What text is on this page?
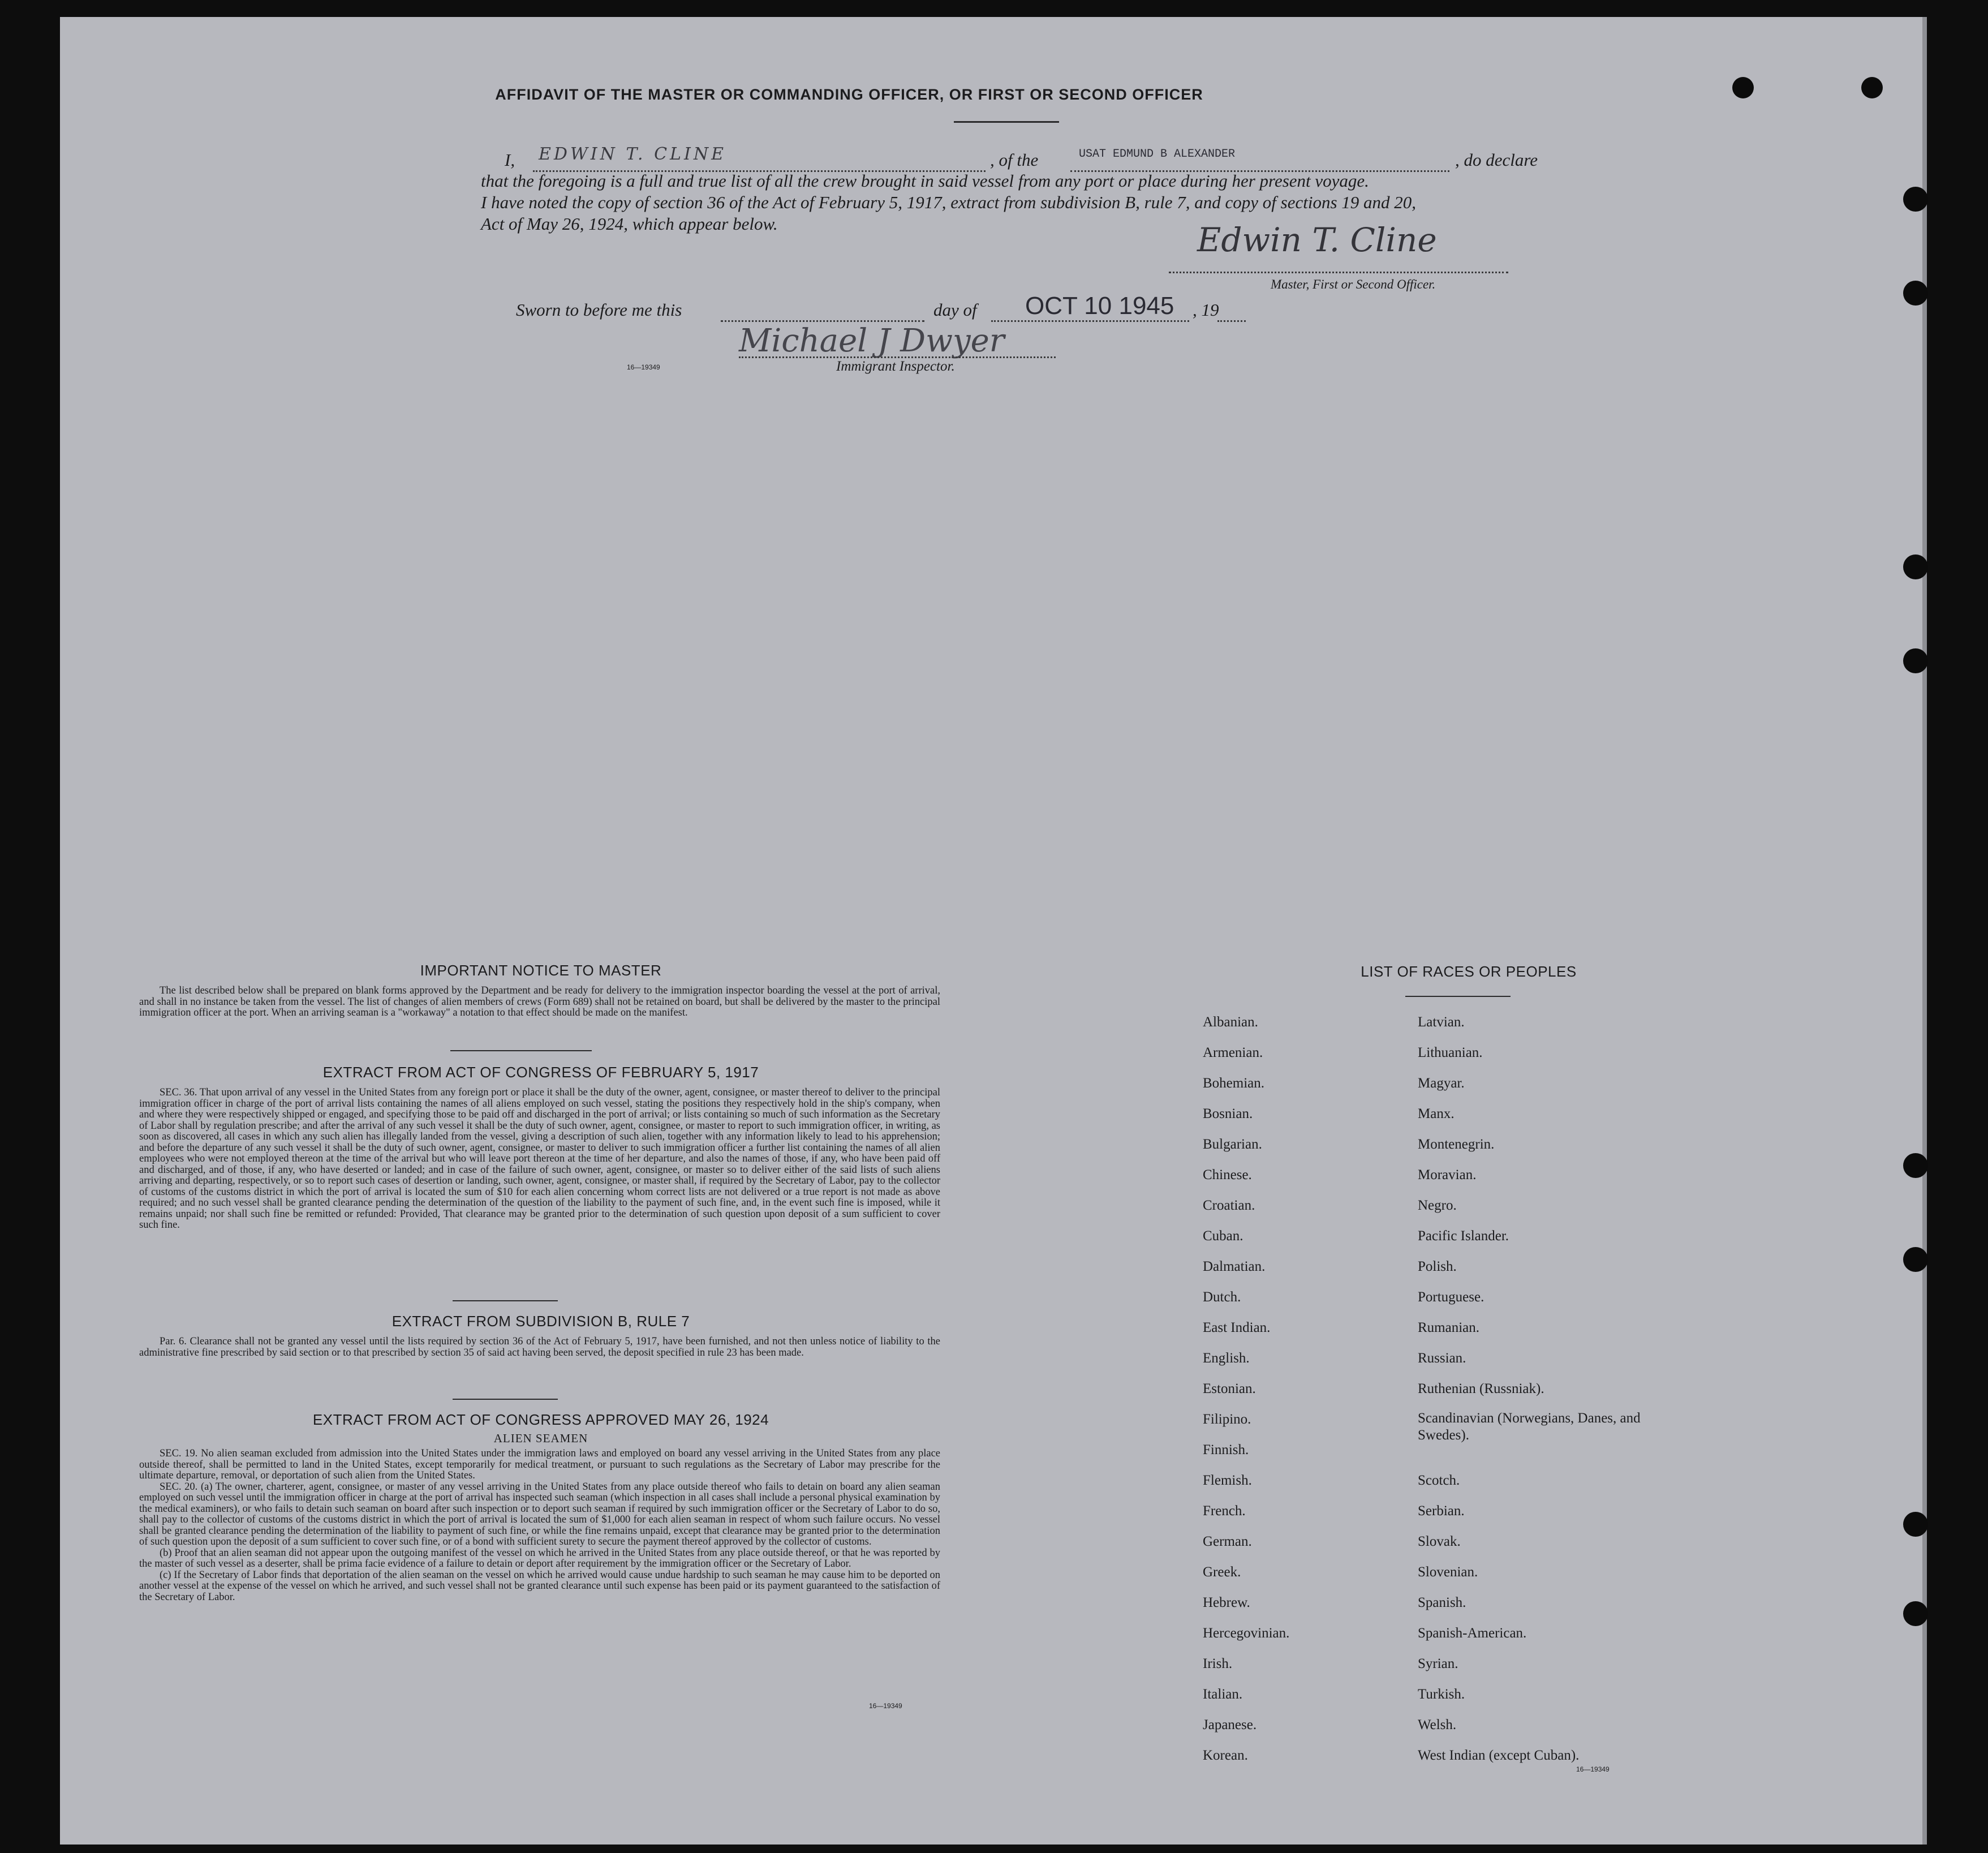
AFFIDAVIT OF THE MASTER OR COMMANDING OFFICER, OR FIRST OR SECOND OFFICER
I, EDWIN T. CLINE	, of the	USAT EDMUND B ALEXANDER	, do declare
that the foregoing is a full and true list of all the crew brought in said vessel from any port or place during her present voyage.
I have noted the copy of section 36 of the Act of February 5, 1917, extract from subdivision B, rule 7, and copy of sections 19 and 20,
Act of May 26, 1924, which appear below.	Edwin T. Cline
Master, First or Second Officer.
Sworn to before me this	day of OCT 10 1945 , 19
Michael J Dwyer
16—19349	Immigrant Inspector.
IMPORTANT NOTICE TO MASTER

The list described below shall be prepared on blank forms approved by the Department and be ready for delivery to the immigration inspector boarding the vessel at the port of arrival, and shall in no instance be taken from the vessel. The list of changes of alien members of crews (Form 689) shall not be retained on board, but shall be delivered by the master to the principal immigration officer at the port. When an arriving seaman is a "workaway" a notation to that effect should be made on the manifest.

EXTRACT FROM ACT OF CONGRESS OF FEBRUARY 5, 1917

SEC. 36. That upon arrival of any vessel in the United States from any foreign port or place it shall be the duty of the owner, agent, consignee, or master thereof to deliver to the principal immigration officer in charge of the port of arrival lists containing the names of all aliens employed on such vessel, stating the positions they respectively hold in the ship's company, when and where they were respectively shipped or engaged, and specifying those to be paid off and discharged in the port of arrival; or lists containing so much of such information as the Secretary of Labor shall by regulation prescribe; and after the arrival of any such vessel it shall be the duty of such owner, agent, consignee, or master to report to such immigration officer, in writing, as soon as discovered, all cases in which any such alien has illegally landed from the vessel, giving a description of such alien, together with any information likely to lead to his apprehension; and before the departure of any such vessel it shall be the duty of such owner, agent, consignee, or master to deliver to such immigration officer a further list containing the names of all alien employees who were not employed thereon at the time of the arrival but who will leave port thereon at the time of her departure, and also the names of those, if any, who have been paid off and discharged, and of those, if any, who have deserted or landed; and in case of the failure of such owner, agent, consignee, or master so to deliver either of the said lists of such aliens arriving and departing, respectively, or so to report such cases of desertion or landing, such owner, agent, consignee, or master shall, if required by the Secretary of Labor, pay to the collector of customs of the customs district in which the port of arrival is located the sum of $10 for each alien concerning whom correct lists are not delivered or a true report is not made as above required; and no such vessel shall be granted clearance pending the determination of the question of the liability to the payment of such fine, and, in the event such fine is imposed, while it remains unpaid; nor shall such fine be remitted or refunded: Provided, That clearance may be granted prior to the determination of such question upon deposit of a sum sufficient to cover such fine.

EXTRACT FROM SUBDIVISION B, RULE 7

Par. 6. Clearance shall not be granted any vessel until the lists required by section 36 of the Act of February 5, 1917, have been furnished, and not then unless notice of liability to the administrative fine prescribed by said section or to that prescribed by section 35 of said act having been served, the deposit specified in rule 23 has been made.

EXTRACT FROM ACT OF CONGRESS APPROVED MAY 26, 1924
ALIEN SEAMEN

SEC. 19. No alien seaman excluded from admission into the United States under the immigration laws and employed on board any vessel arriving in the United States from any place outside thereof, shall be permitted to land in the United States, except temporarily for medical treatment, or pursuant to such regulations as the Secretary of Labor may prescribe for the ultimate departure, removal, or deportation of such alien from the United States.

SEC. 20. (a) The owner, charterer, agent, consignee, or master of any vessel arriving in the United States from any place outside thereof who fails to detain on board any alien seaman employed on such vessel until the immigration officer in charge at the port of arrival has inspected such seaman (which inspection in all cases shall include a personal physical examination by the medical examiners), or who fails to detain such seaman on board after such inspection or to deport such seaman if required by such immigration officer or the Secretary of Labor to do so, shall pay to the collector of customs of the customs district in which the port of arrival is located the sum of $1,000 for each alien seaman in respect of whom such failure occurs. No vessel shall be granted clearance pending the determination of the liability to payment of such fine, or while the fine remains unpaid, except that clearance may be granted prior to the determination of such question upon the deposit of a sum sufficient to cover such fine, or of a bond with sufficient surety to secure the payment thereof approved by the collector of customs.

(b) Proof that an alien seaman did not appear upon the outgoing manifest of the vessel on which he arrived in the United States from any place outside thereof, or that he was reported by the master of such vessel as a deserter, shall be prima facie evidence of a failure to detain or deport after requirement by the immigration officer or the Secretary of Labor.

(c) If the Secretary of Labor finds that deportation of the alien seaman on the vessel on which he arrived would cause undue hardship to such seaman he may cause him to be deported on another vessel at the expense of the vessel on which he arrived, and such vessel shall not be granted clearance until such expense has been paid or its payment guaranteed to the satisfaction of the Secretary of Labor.

16—19349
LIST OF RACES OR PEOPLES
Albanian.
Armenian.
Bohemian.
Bosnian.
Bulgarian.
Chinese.
Croatian.
Cuban.
Dalmatian.
Dutch.
East Indian.
English.
Estonian.
Filipino.
Finnish.
Flemish.
French.
German.
Greek.
Hebrew.
Hercegovinian.
Irish.
Italian.
Japanese.
Korean.
Latvian.
Lithuanian.
Magyar.
Manx.
Montenegrin.
Moravian.
Negro.
Pacific Islander.
Polish.
Portuguese.
Rumanian.
Russian.
Ruthenian (Russniak).
Scandinavian (Norwegians, Danes, and Swedes).
Scotch.
Serbian.
Slovak.
Slovenian.
Spanish.
Spanish-American.
Syrian.
Turkish.
Welsh.
West Indian (except Cuban).
16—19349
